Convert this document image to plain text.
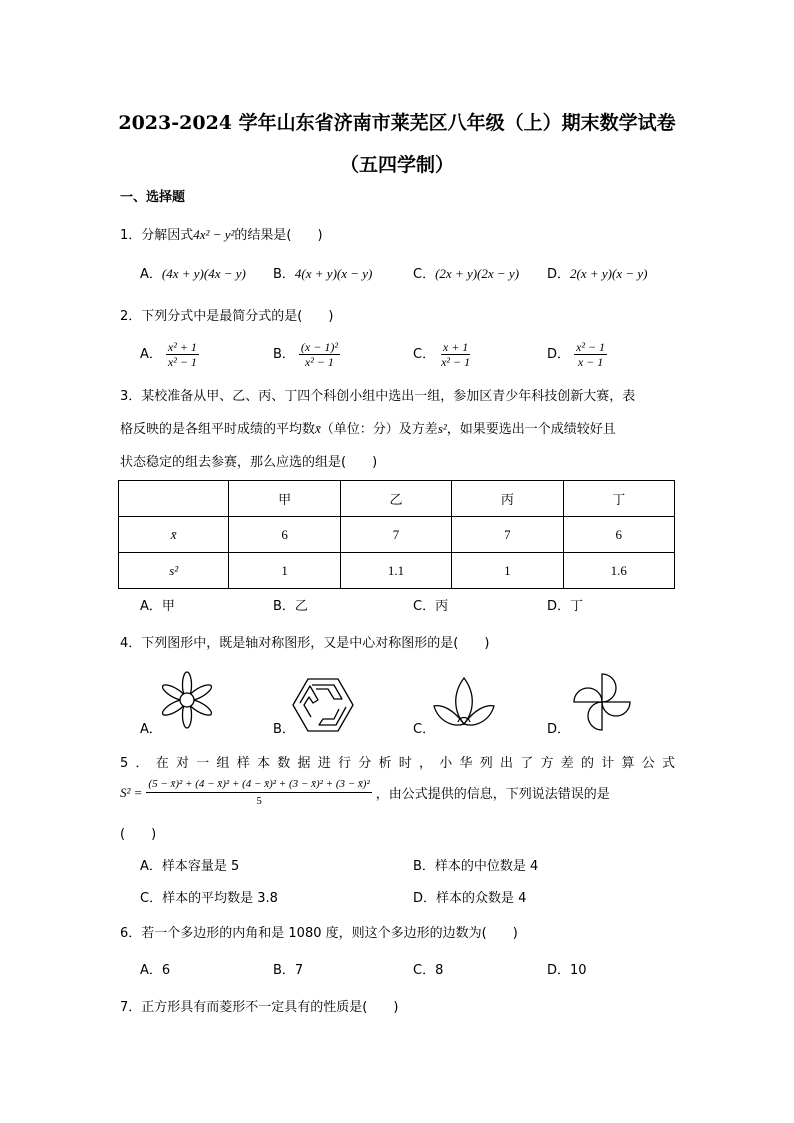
2023-2024 学年山东省济南市莱芜区八年级（上）期末数学试卷
（五四学制）
一、选择题
1．分解因式4x² − y²的结果是(　　)
A．(4x + y)(4x − y) B．4(x + y)(x − y)	C．(2x + y)(2x − y) D．2(x + y)(x − y)
2．下列分式中是最简分式的是(　　)
A． $\frac{\text{x² + 1}}{\text{x² − 1}}$	B． $\frac{\text{(x − 1)²}}{\text{x² − 1}}$	C． $\frac{x + 1}{\text{x² − 1}}$	D． $\frac{\text{x² − 1}}{x - 1}$
3．某校准备从甲、乙、丙、丁四个科创小组中选出一组，参加区青少年科技创新大赛，表
格反映的是各组平时成绩的平均数x̄（单位：分）及方差s²，如果要选出一个成绩较好且
状态稳定的组去参赛，那么应选的组是(　　)
	甲	乙	丙	丁
x̄	6	7	7	6
s²	1	1.1	1	1.6
A．甲	B．乙	C．丙	D．丁
4．下列图形中，既是轴对称图形，又是中心对称图形的是(　　)
A．	B．	C．	D．
5．在对一组样本数据进行分析时，小华列出了方差的计算公式
$S^2 = \frac{\text{(5 − x̄)² + (4 − x̄)² + (4 − x̄)² + (3 − x̄)² + (3 − x̄)²}}{5}$ ，由公式提供的信息，下列说法错误的是
(　　)
A．样本容量是 5	B．样本的中位数是 4
C．样本的平均数是 3.8	D．样本的众数是 4
6．若一个多边形的内角和是 1080 度，则这个多边形的边数为(　　)
A．6	B．7	C．8	D．10
7．正方形具有而菱形不一定具有的性质是(　　)
